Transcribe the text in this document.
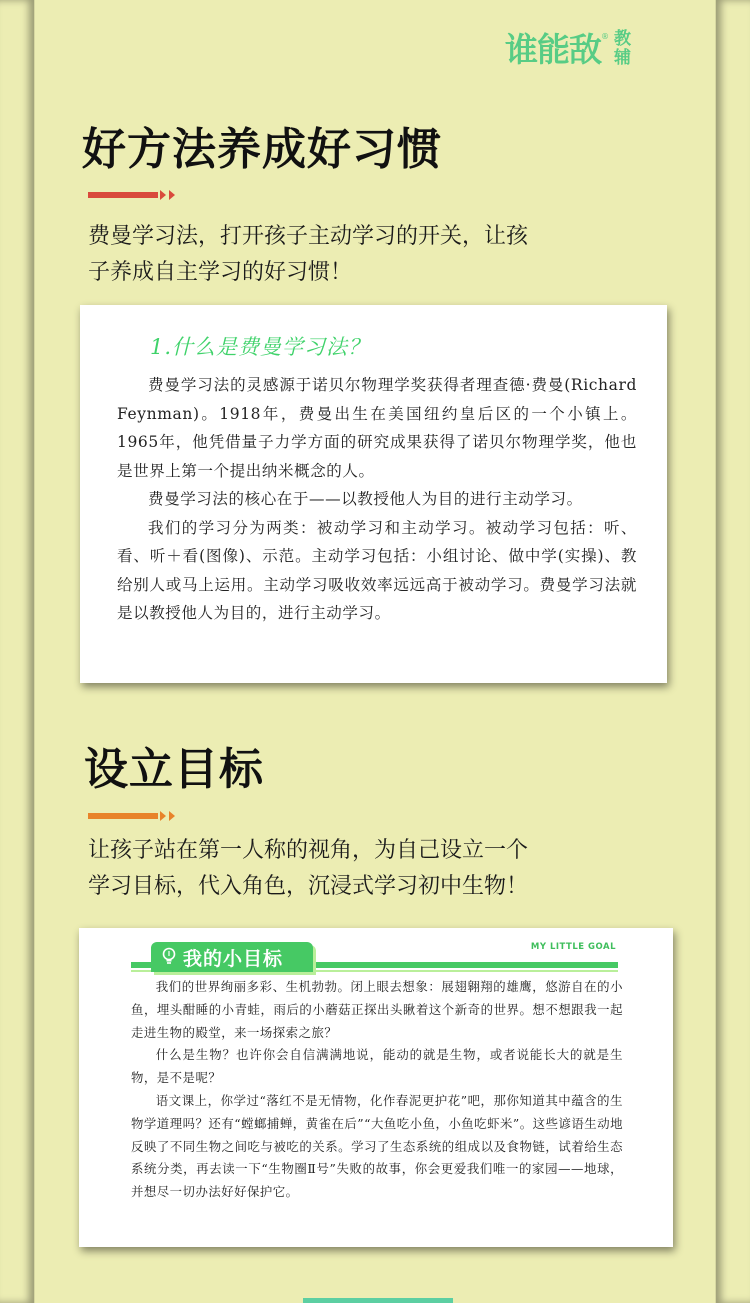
谁能敌 ® 教辅
好方法养成好习惯
费曼学习法，打开孩子主动学习的开关，让孩
子养成自主学习的好习惯！
1.什么是费曼学习法？

费曼学习法的灵感源于诺贝尔物理学奖获得者理查德·费曼(Richard Feynman)。1918年，费曼出生在美国纽约皇后区的一个小镇上。1965年，他凭借量子力学方面的研究成果获得了诺贝尔物理学奖，他也是世界上第一个提出纳米概念的人。

费曼学习法的核心在于——以教授他人为目的进行主动学习。

我们的学习分为两类：被动学习和主动学习。被动学习包括：听、看、听＋看(图像)、示范。主动学习包括：小组讨论、做中学(实操)、教给别人或马上运用。主动学习吸收效率远远高于被动学习。费曼学习法就是以教授他人为目的，进行主动学习。

设立目标
让孩子站在第一人称的视角，为自己设立一个
学习目标，代入角色，沉浸式学习初中生物！
我的小目标
MY LITTLE GOAL

我们的世界绚丽多彩、生机勃勃。闭上眼去想象：展翅翱翔的雄鹰，悠游自在的小鱼，埋头酣睡的小青蛙，雨后的小蘑菇正探出头瞅着这个新奇的世界。想不想跟我一起走进生物的殿堂，来一场探索之旅？

什么是生物？也许你会自信满满地说，能动的就是生物，或者说能长大的就是生物，是不是呢？

语文课上，你学过“落红不是无情物，化作春泥更护花”吧，那你知道其中蕴含的生物学道理吗？还有“螳螂捕蝉，黄雀在后”“大鱼吃小鱼，小鱼吃虾米”。这些谚语生动地反映了不同生物之间吃与被吃的关系。学习了生态系统的组成以及食物链，试着给生态系统分类，再去读一下“生物圈Ⅱ号”失败的故事，你会更爱我们唯一的家园——地球，并想尽一切办法好好保护它。
